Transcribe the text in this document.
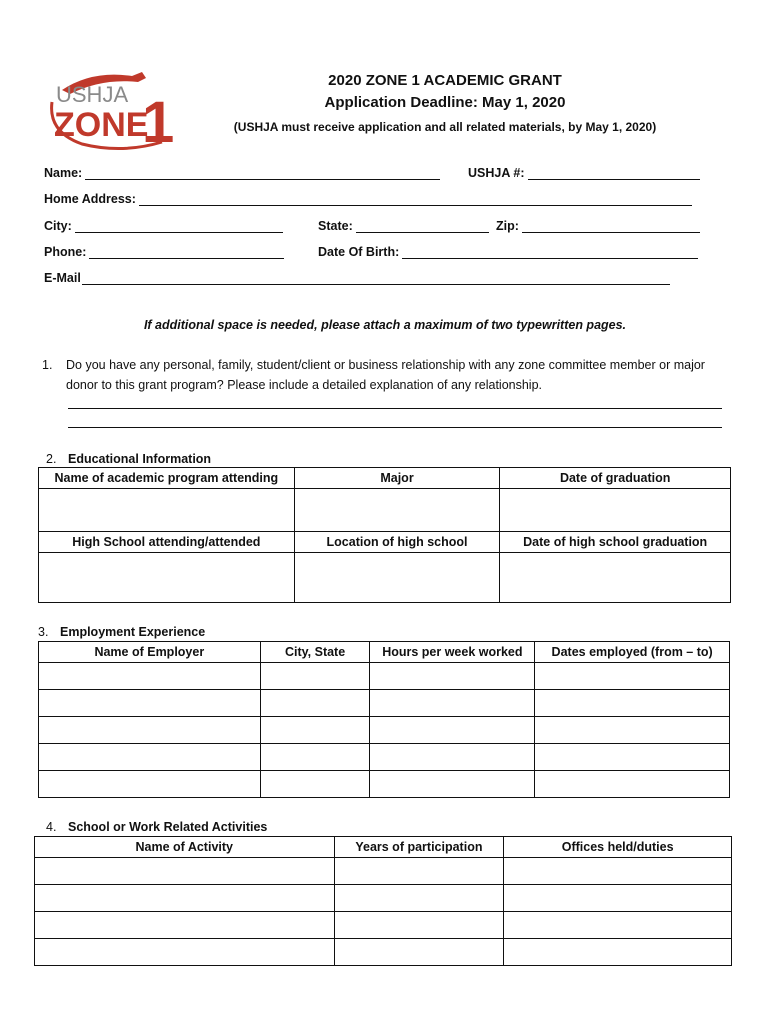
USHJA
ZONE
1
2020 ZONE 1 ACADEMIC GRANT
Application Deadline: May 1, 2020
(USHJA must receive application and all related materials, by May 1, 2020)
Name:	USHJA #:
Home Address:
City:	State:	Zip:
Phone:	Date Of Birth:
E-Mail
If additional space is needed, please attach a maximum of two typewritten pages.
1. Do you have any personal, family, student/client or business relationship with any zone committee member or major donor to this grant program? Please include a detailed explanation of any relationship.
2. Educational Information
Name of academic program attending	Major	Date of graduation

High School attending/attended	Location of high school	Date of high school graduation

3. Employment Experience
Name of Employer	City, State	Hours per week worked	Dates employed (from – to)

4. School or Work Related Activities
Name of Activity	Years of participation	Offices held/duties
